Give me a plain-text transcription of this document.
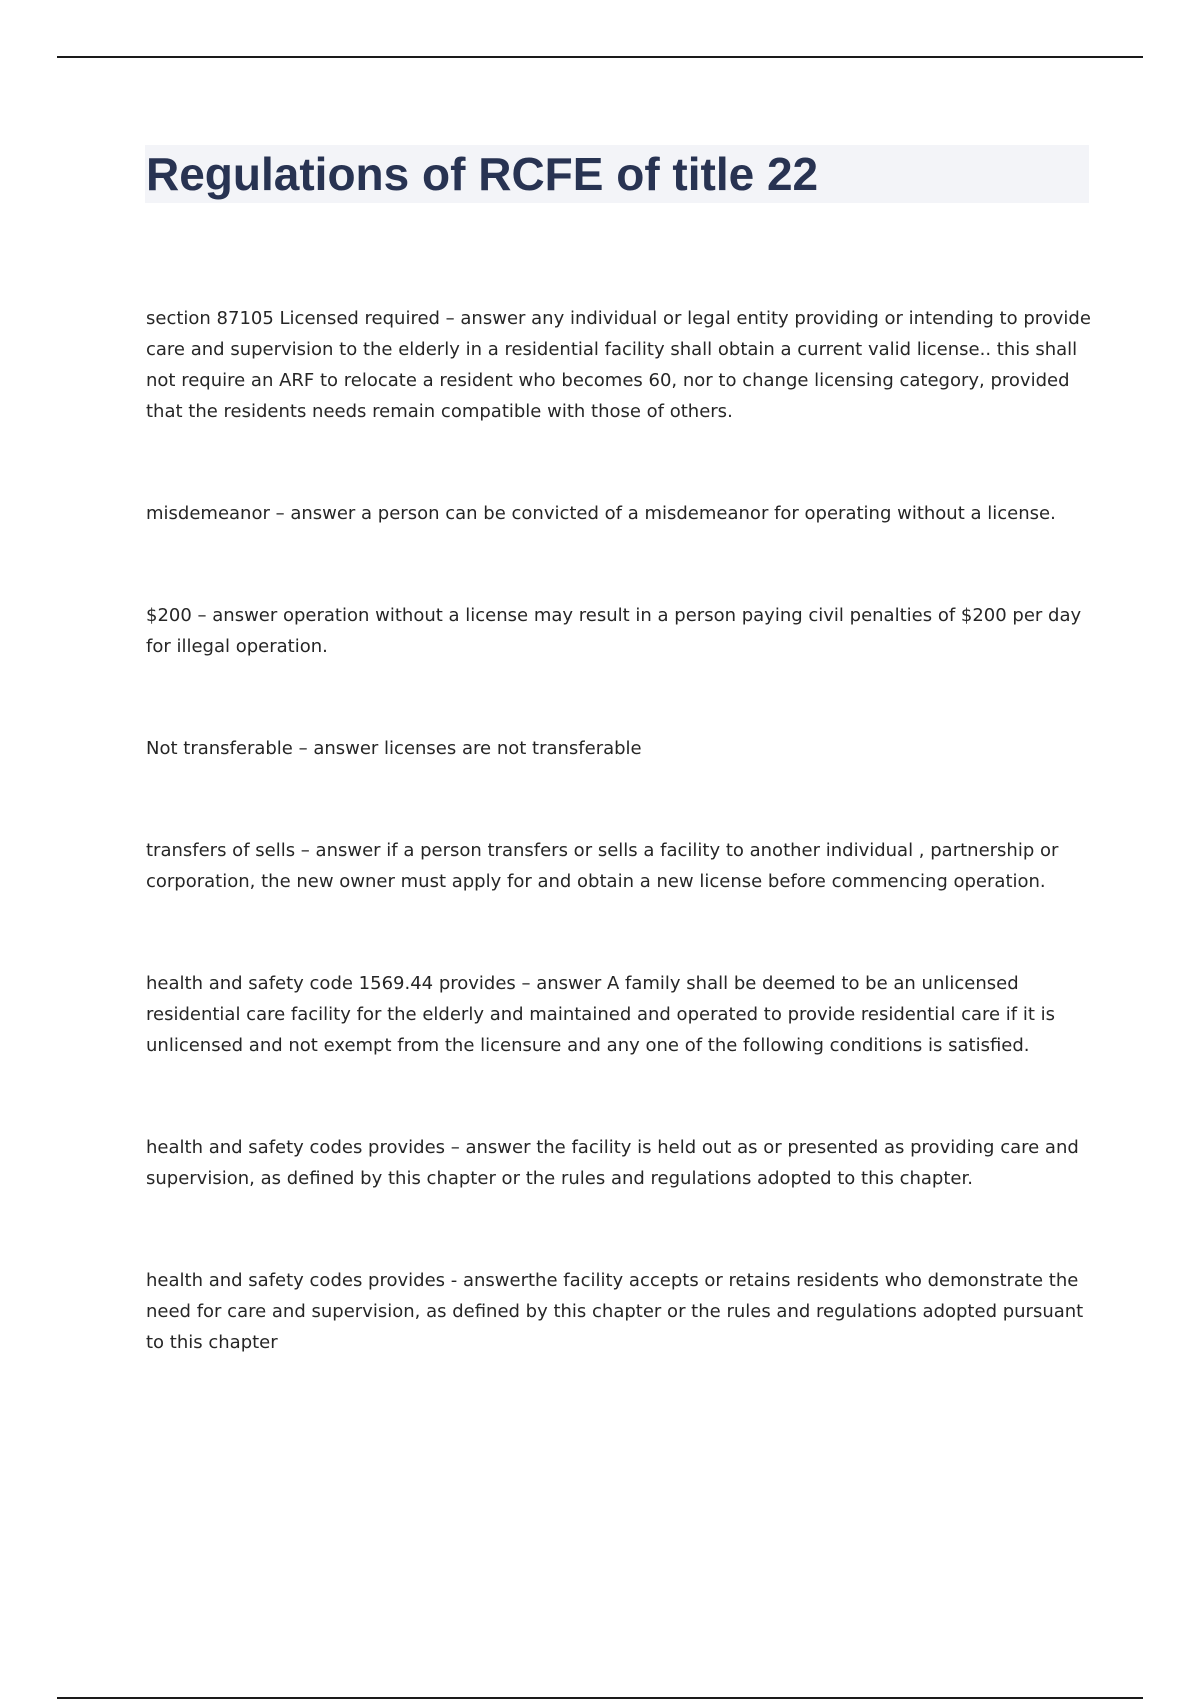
Regulations of RCFE of title 22

section 87105 Licensed required – answer any individual or legal entity providing or intending to provide care and supervision to the elderly in a residential facility shall obtain a current valid license.. this shall not require an ARF to relocate a resident who becomes 60, nor to change licensing category, provided that the residents needs remain compatible with those of others.

misdemeanor – answer a person can be convicted of a misdemeanor for operating without a license.

$200 – answer operation without a license may result in a person paying civil penalties of $200 per day for illegal operation.

Not transferable – answer licenses are not transferable

transfers of sells – answer if a person transfers or sells a facility to another individual , partnership or corporation, the new owner must apply for and obtain a new license before commencing operation.

health and safety code 1569.44 provides – answer A family shall be deemed to be an unlicensed residential care facility for the elderly and maintained and operated to provide residential care if it is unlicensed and not exempt from the licensure and any one of the following conditions is satisfied.

health and safety codes provides – answer the facility is held out as or presented as providing care and supervision, as defined by this chapter or the rules and regulations adopted to this chapter.

health and safety codes provides - answerthe facility accepts or retains residents who demonstrate the need for care and supervision, as defined by this chapter or the rules and regulations adopted pursuant to this chapter
